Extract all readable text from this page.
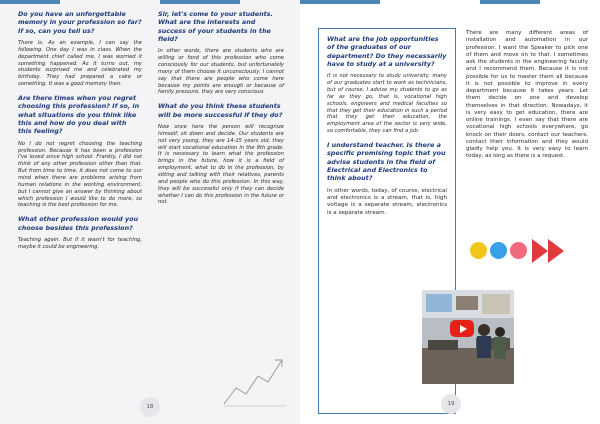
Do you have an unforgettable memory in your profession so far? If so, can you tell us?

There is. As an example, I can say the following. One day I was in class. When the department chief called me, I was worried it something happened. As it turns out, my students surprised me and celebrated my birthday. They had prepared a cake or something. It was a good memory then.

Are there times when you regret choosing this profession? If so, in what situations do you think like this and how do you deal with this feeling?

No I do not regret choosing the teaching profession. Because it has been a profession I've loved since high school. Frankly, I did not think of any other profession other than that. But from time to time, it does not come to our mind when there are problems arising from human relations in the working environment, but I cannot give an answer by thinking about which profession I would like to do more, so teaching is the best profession for me.

What other profession would you choose besides this profession?

Teaching again. But if it wasn't for teaching, maybe it could be engineering.

Sir, let's come to your students. What are the interests and success of your students in the field?

In other words, there are students who are willing or fond of this profession who come consciously for our students, but unfortunately many of them choose it unconsciously. I cannot say that there are people who come here because my points are enough or because of family pressure, they are very conscious

What do you think these students will be more successful if they do?

Now once here the person will recognize himself, sit down and decide. Our students are not very young, they are 14-15 years old, they will start vocational education in the 9th grade. It is necessary to learn what the profession brings in the future, how it is a field of employment, what to do in the profession, by sitting and talking with their relatives, parents and people who do this profession. In this way, they will be successful only if they can decide whether I can do this profession in the future or not.

18

What are the job opportunities of the graduates of our department? Do they necessarily have to study at a university?

It is not necessary to study university, many of our graduates start to work as technicians, but of course, I advise my students to go as far as they go, that is, vocational high schools, engineers and medical faculties so that they get their education in such a period that they get their education, the employment area of the sector is very wide, so comfortable, they can find a job.

I understand teacher. Is there a specific promising topic that you advise students in the field of Electrical and Electronics to think about?

In other words, today, of course, electrical and electronics is a stream, that is, high voltage is a separate stream, electronics is a separate stream.

19

There are many different areas of installation and automation in our profession. I want the Speaker to pick one of them and move on to that. I sometimes ask the students in the engineering faculty and I recommend them. Because it is not possible for us to master them all because it is not possible to improve in every department because it takes years. Let them decide on one and develop themselves in that direction. Nowadays, it is very easy to get education, there are online trainings. I even say that there are vocational high schools everywhere, go knock on their doors, contact our teachers, contact their information and they would gladly help you. It is very easy to learn today, as long as there is a request.
